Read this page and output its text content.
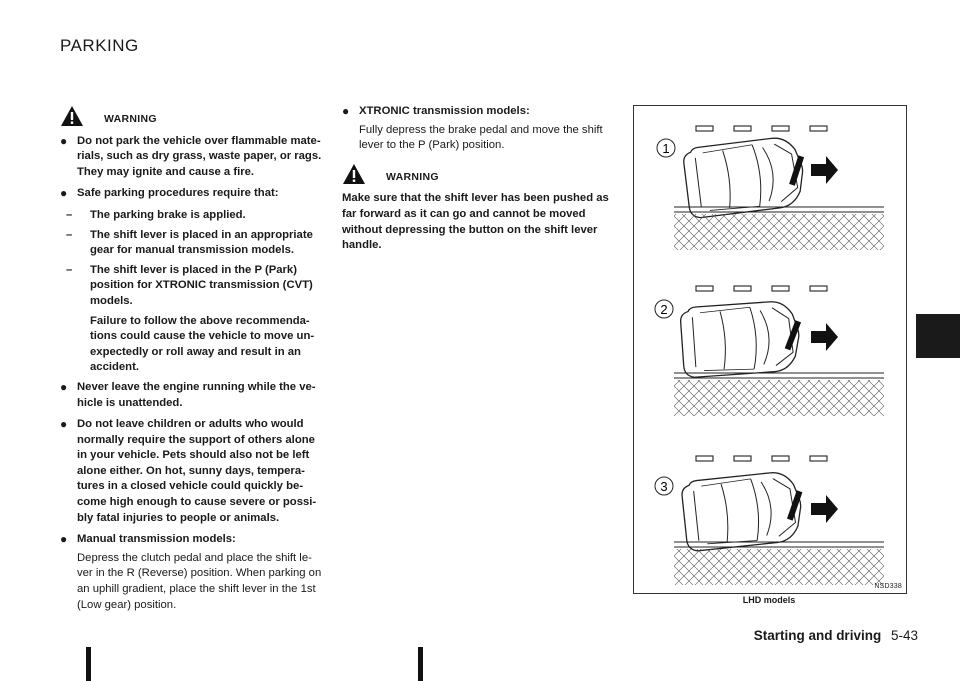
PARKING
WARNING
● Do not park the vehicle over flammable mate-rials, such as dry grass, waste paper, or rags. They may ignite and cause a fire.
● Safe parking procedures require that:
– The parking brake is applied.
– The shift lever is placed in an appropriate gear for manual transmission models.
– The shift lever is placed in the P (Park) position for XTRONIC transmission (CVT) models.
Failure to follow the above recommenda-tions could cause the vehicle to move un-expectedly or roll away and result in an accident.
● Never leave the engine running while the ve-hicle is unattended.
● Do not leave children or adults who would normally require the support of others alone in your vehicle. Pets should also not be left alone either. On hot, sunny days, tempera-tures in a closed vehicle could quickly be-come high enough to cause severe or possi-bly fatal injuries to people or animals.
● Manual transmission models:
Depress the clutch pedal and place the shift le-ver in the R (Reverse) position. When parking on an uphill gradient, place the shift lever in the 1st (Low gear) position.
● XTRONIC transmission models:
Fully depress the brake pedal and move the shift lever to the P (Park) position.
WARNING
Make sure that the shift lever has been pushed as far forward as it can go and cannot be moved without depressing the button on the shift lever handle.
1
2
3
NSD338
LHD models
Starting and driving 5-43
